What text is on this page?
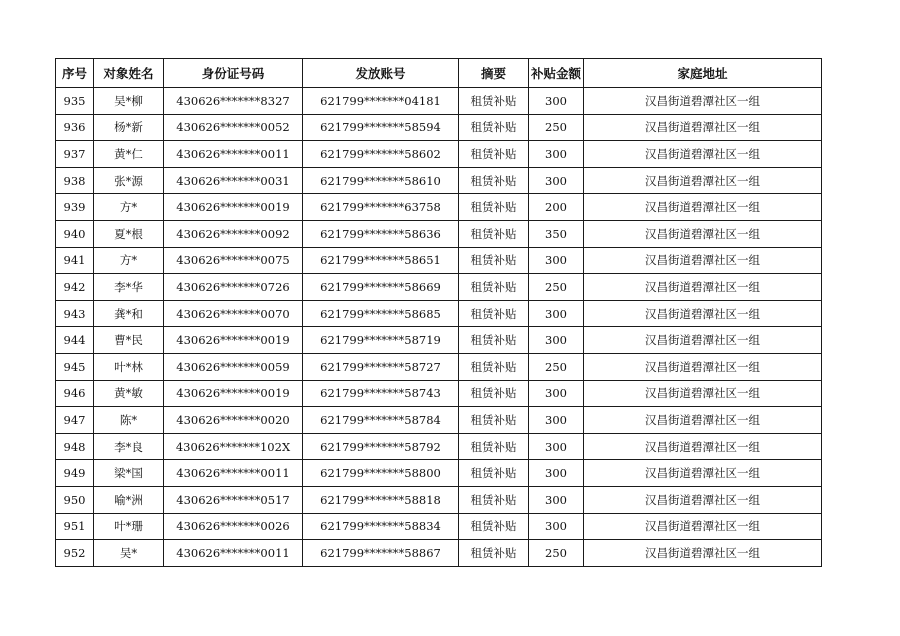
序号	对象姓名	身份证号码	发放账号	摘要	补贴金额	家庭地址
935	吴*柳	430626*******8327	621799*******04181	租赁补贴	300	汉昌街道碧潭社区一组
936	杨*新	430626*******0052	621799*******58594	租赁补贴	250	汉昌街道碧潭社区一组
937	黄*仁	430626*******0011	621799*******58602	租赁补贴	300	汉昌街道碧潭社区一组
938	张*源	430626*******0031	621799*******58610	租赁补贴	300	汉昌街道碧潭社区一组
939	方*	430626*******0019	621799*******63758	租赁补贴	200	汉昌街道碧潭社区一组
940	夏*根	430626*******0092	621799*******58636	租赁补贴	350	汉昌街道碧潭社区一组
941	方*	430626*******0075	621799*******58651	租赁补贴	300	汉昌街道碧潭社区一组
942	李*华	430626*******0726	621799*******58669	租赁补贴	250	汉昌街道碧潭社区一组
943	龚*和	430626*******0070	621799*******58685	租赁补贴	300	汉昌街道碧潭社区一组
944	曹*民	430626*******0019	621799*******58719	租赁补贴	300	汉昌街道碧潭社区一组
945	叶*林	430626*******0059	621799*******58727	租赁补贴	250	汉昌街道碧潭社区一组
946	黄*敏	430626*******0019	621799*******58743	租赁补贴	300	汉昌街道碧潭社区一组
947	陈*	430626*******0020	621799*******58784	租赁补贴	300	汉昌街道碧潭社区一组
948	李*良	430626*******102X	621799*******58792	租赁补贴	300	汉昌街道碧潭社区一组
949	梁*国	430626*******0011	621799*******58800	租赁补贴	300	汉昌街道碧潭社区一组
950	喻*洲	430626*******0517	621799*******58818	租赁补贴	300	汉昌街道碧潭社区一组
951	叶*珊	430626*******0026	621799*******58834	租赁补贴	300	汉昌街道碧潭社区一组
952	吴*	430626*******0011	621799*******58867	租赁补贴	250	汉昌街道碧潭社区一组
